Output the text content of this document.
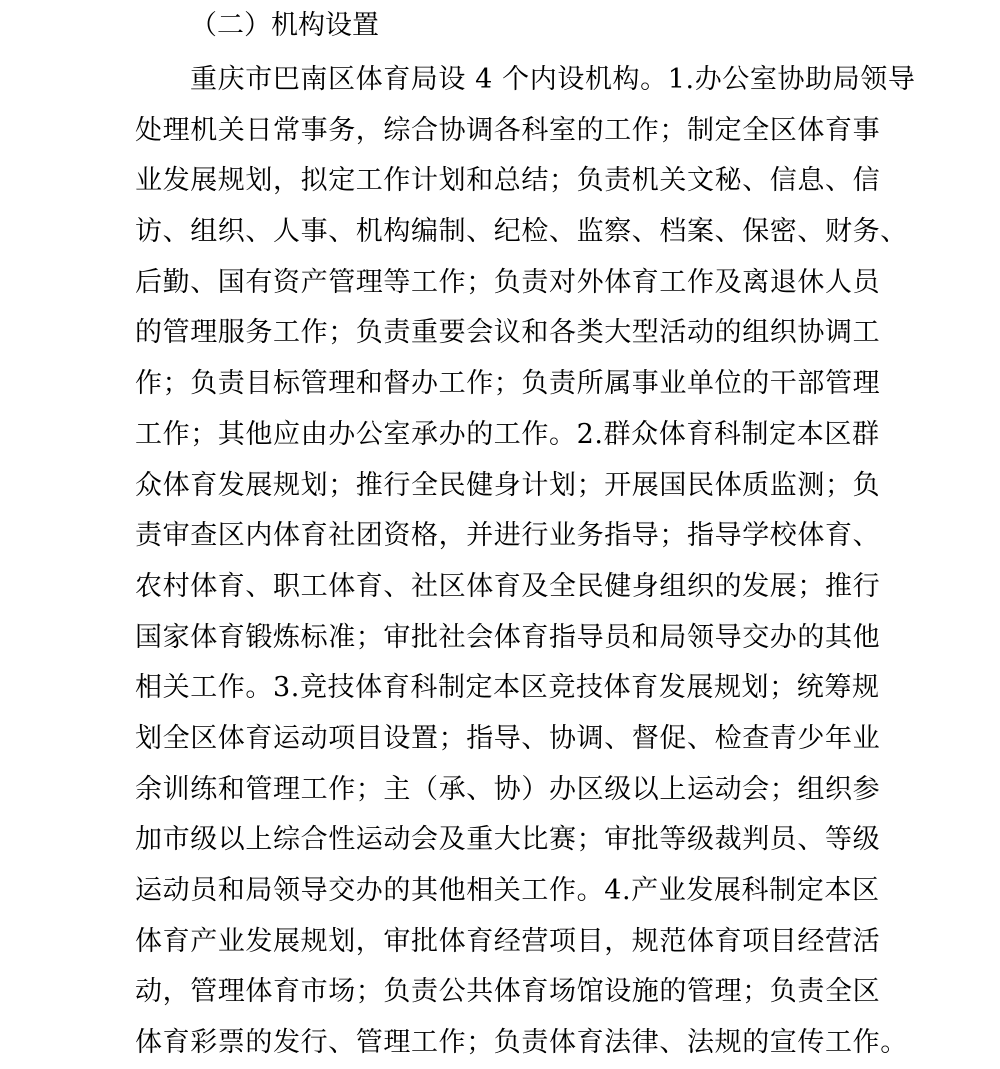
（二）机构设置
重庆市巴南区体育局设 4 个内设机构。1.办公室协助局领导
处理机关日常事务，综合协调各科室的工作；制定全区体育事
业发展规划，拟定工作计划和总结；负责机关文秘、信息、信
访、组织、人事、机构编制、纪检、监察、档案、保密、财务、
后勤、国有资产管理等工作；负责对外体育工作及离退休人员
的管理服务工作；负责重要会议和各类大型活动的组织协调工
作；负责目标管理和督办工作；负责所属事业单位的干部管理
工作；其他应由办公室承办的工作。2.群众体育科制定本区群
众体育发展规划；推行全民健身计划；开展国民体质监测；负
责审查区内体育社团资格，并进行业务指导；指导学校体育、
农村体育、职工体育、社区体育及全民健身组织的发展；推行
国家体育锻炼标准；审批社会体育指导员和局领导交办的其他
相关工作。3.竞技体育科制定本区竞技体育发展规划；统筹规
划全区体育运动项目设置；指导、协调、督促、检查青少年业
余训练和管理工作；主（承、协）办区级以上运动会；组织参
加市级以上综合性运动会及重大比赛；审批等级裁判员、等级
运动员和局领导交办的其他相关工作。4.产业发展科制定本区
体育产业发展规划，审批体育经营项目，规范体育项目经营活
动，管理体育市场；负责公共体育场馆设施的管理；负责全区
体育彩票的发行、管理工作；负责体育法律、法规的宣传工作。
